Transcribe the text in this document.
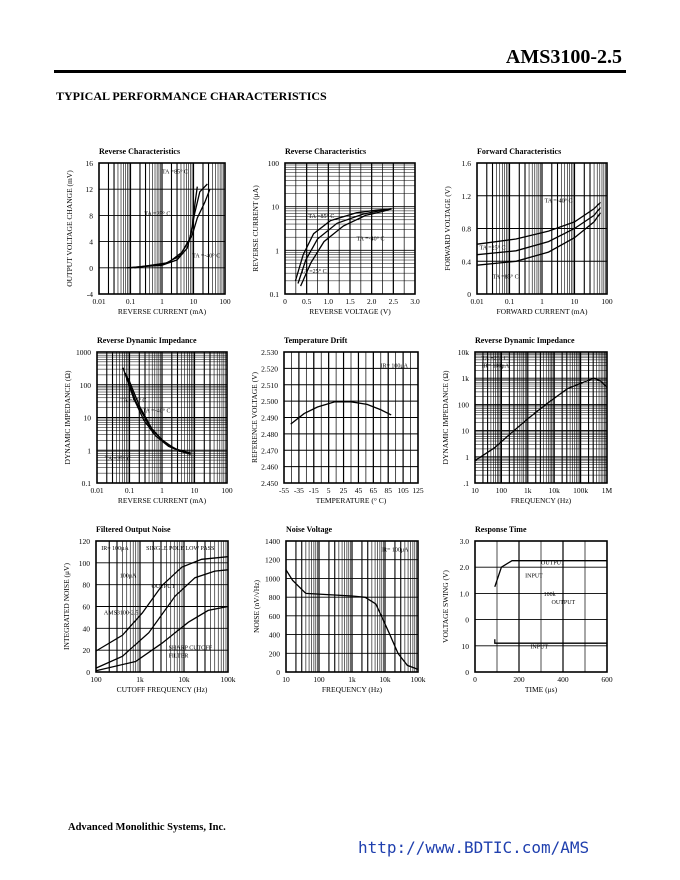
AMS3100-2.5
TYPICAL PERFORMANCE CHARACTERISTICS
Advanced Monolithic Systems, Inc.
http://www.BDTIC.com/AMS
Reverse Characteristics
0.01	0.1	1	10	100
16
12
8
4
0
-4
REVERSE CURRENT (mA)
OUTPUT VOLTAGE CHANGE (mV)	TA =85° C
TA =25° C
TA =-40° C
Reverse Characteristics
0 0.5 1.0 1.5 2.0 2.5 3.0
100
10
1
0.1
REVERSE VOLTAGE (V)
REVERSE CURRENT (μA)	TA =85° C
TA =-40° C
TA =25° C
Forward Characteristics
0.01	0.1	1	10	100
1.6
1.2
0.8
0.4
0
FORWARD CURRENT (mA)
FORWARD VOLTAGE (V)	TA =-40° C
TA =25° C
TA =85° C
Reverse Dynamic Impedance
0.01	0.1	1	10	100
1000
100
10
1
0.1
REVERSE CURRENT (mA)
DYNAMIC IMPEDANCE (Ω)	TA =85° C
TA =-40° C
TA =25° C
Temperature Drift
-55 -35 -15 5 25 45 65 85 105 125
2.530
2.520
2.510
2.500
2.490
2.480
2.470
2.460
2.450
TEMPERATURE (° C)
REFERENCE VOLTAGE (V)
IR= 100μA
Reverse Dynamic Impedance
10 100 1k 10k 100k 1M
10k
1k
100
10
1
.1
FREQUENCY (Hz)
DYNAMIC IMPEDANCE (Ω)
TA =25° C
IR= 100μA
Filtered Output Noise
100	1k	10k	100k
120
100
80
60
40
20
0
CUTOFF FREQUENCY (Hz)
INTEGRATED NOISE (μV)
IR= 100μA	SINGLE POLE LOW PASS
100μA
OUTPUT
AMS3100-2.5
SHARP CUTOFF
FILTER
Noise Voltage
10	100	1k	10k	100k
1400
1200
1000
800
600
400
200
0
FREQUENCY (Hz)
NOISE (nV/√Hz)
IR= 100μA
Response Time
0	200	400	600
3.0
2.0
1.0
0
10
0
TIME (μs)
VOLTAGE SWING (V)
OUTPUT
INPUT
100k
OUTPUT
INPUT
